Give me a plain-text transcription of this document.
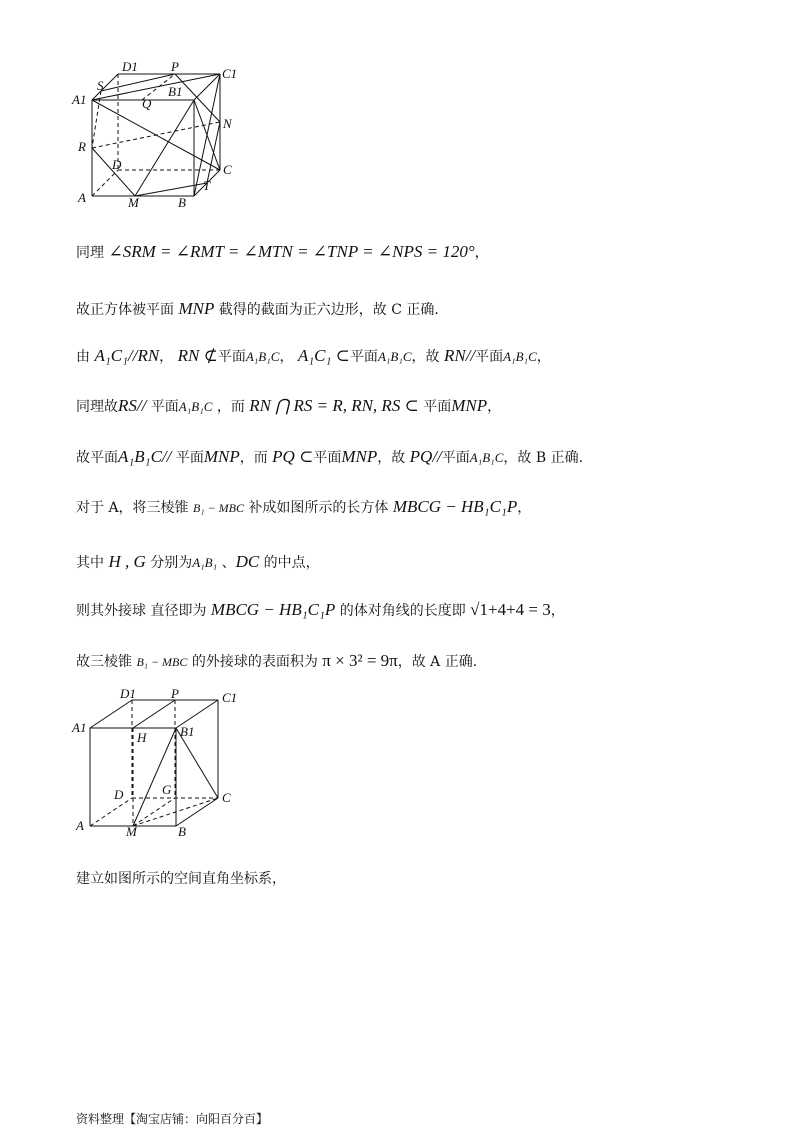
D1	P	C1
S
A1	Q
B1
N
R
D	C
T
A	M	B
同理 ∠SRM = ∠RMT = ∠MTN = ∠TNP = ∠NPS = 120°，
故正方体被平面 MNP 截得的截面为正六边形，故 C 正确.
由 A₁C₁//RN， RN ⊄平面A₁B₁C， A₁C₁ ⊂平面A₁B₁C，故 RN//平面A₁B₁C，
同理故RS// 平面A₁B₁C ，而 RN ⋂ RS = R, RN, RS ⊂ 平面MNP，
故平面A₁B₁C// 平面MNP，而 PQ ⊂平面MNP，故 PQ//平面A₁B₁C，故 B 正确.
对于 A，将三棱锥 B₁ − MBC 补成如图所示的长方体 MBCG − HB₁C₁P，
其中 H , G 分别为A₁B₁ 、DC 的中点，
则其外接球 直径即为 MBCG − HB₁C₁P 的体对角线的长度即 √1+4+4 = 3，
故三棱锥 B₁ − MBC 的外接球的表面积为 π × 3² = 9π，故 A 正确.
D1	P	C1
A1
H	B1
D	G
C
A	M	B
建立如图所示的空间直角坐标系，
资料整理【淘宝店铺：向阳百分百】
